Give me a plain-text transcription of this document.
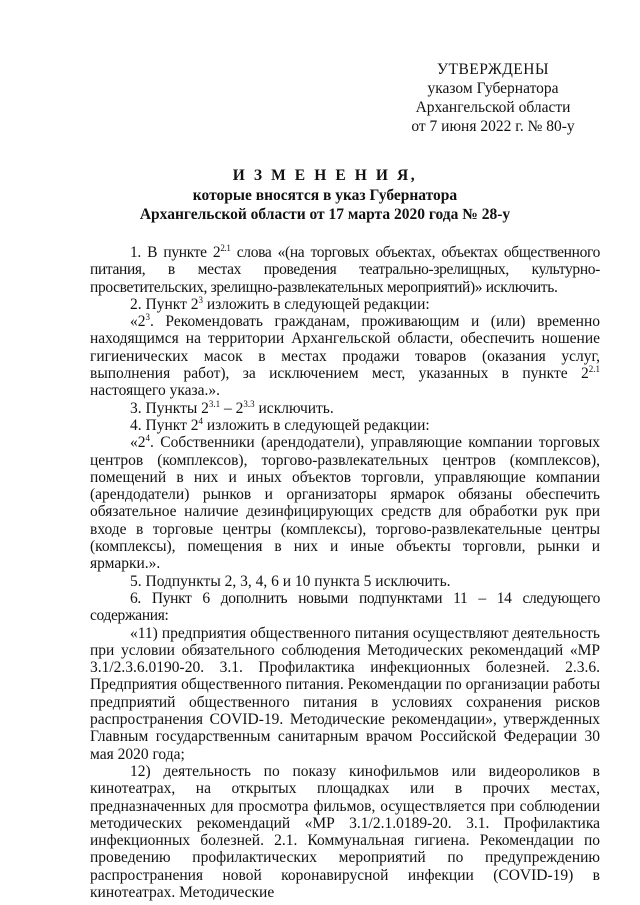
УТВЕРЖДЕНЫ
указом Губернатора
Архангельской области
от 7 июня 2022 г. № 80-у
И З М Е Н Е Н И Я,
которые вносятся в указ Губернатора
Архангельской области от 17 марта 2020 года № 28-у

1. В пункте $2^{2.1}$ слова «(на торговых объектах, объектах общественного питания, в местах проведения театрально-зрелищных, культурно-просветительских, зрелищно-развлекательных мероприятий)» исключить.

2. Пункт $2^3$ изложить в следующей редакции:

«$2^3$. Рекомендовать гражданам, проживающим и (или) временно находящимся на территории Архангельской области, обеспечить ношение гигиенических масок в местах продажи товаров (оказания услуг, выполнения работ), за исключением мест, указанных в пункте $2^{2.1}$ настоящего указа.».

3. Пункты $2^{3.1} - 2^{3.3}$ исключить.

4. Пункт $2^4$ изложить в следующей редакции:

«$2^4$. Собственники (арендодатели), управляющие компании торговых центров (комплексов), торгово-развлекательных центров (комплексов), помещений в них и иных объектов торговли, управляющие компании (арендодатели) рынков и организаторы ярмарок обязаны обеспечить обязательное наличие дезинфицирующих средств для обработки рук при входе в торговые центры (комплексы), торгово-развлекательные центры (комплексы), помещения в них и иные объекты торговли, рынки и ярмарки.».

5. Подпункты 2, 3, 4, 6 и 10 пункта 5 исключить.

6. Пункт 6 дополнить новыми подпунктами 11 – 14 следующего содержания:

«11) предприятия общественного питания осуществляют деятельность при условии обязательного соблюдения Методических рекомендаций «МР 3.1/2.3.6.0190-20. 3.1. Профилактика инфекционных болезней. 2.3.6. Предприятия общественного питания. Рекомендации по организации работы предприятий общественного питания в условиях сохранения рисков распространения COVID-19. Методические рекомендации», утвержденных Главным государственным санитарным врачом Российской Федерации 30 мая 2020 года;

12) деятельность по показу кинофильмов или видеороликов в кинотеатрах, на открытых площадках или в прочих местах, предназначенных для просмотра фильмов, осуществляется при соблюдении методических рекомендаций «МР 3.1/2.1.0189-20. 3.1. Профилактика инфекционных болезней. 2.1. Коммунальная гигиена. Рекомендации по проведению профилактических мероприятий по предупреждению распространения новой коронавирусной инфекции (COVID-19) в кинотеатрах. Методические
